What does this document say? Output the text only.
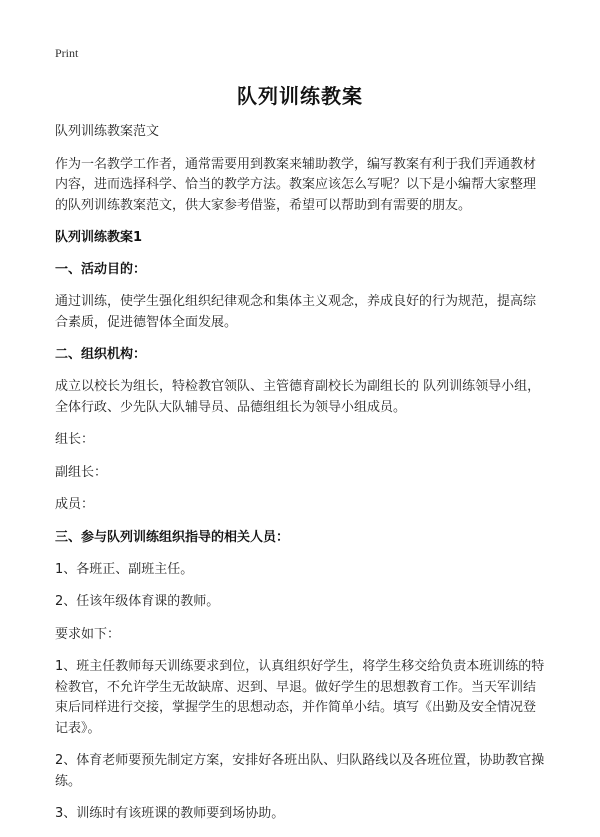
Print
队列训练教案
队列训练教案范文
作为一名教学工作者，通常需要用到教案来辅助教学，编写教案有利于我们弄通教材内容，进而选择科学、恰当的教学方法。教案应该怎么写呢？以下是小编帮大家整理的队列训练教案范文，供大家参考借鉴，希望可以帮助到有需要的朋友。
队列训练教案1
一、活动目的：
通过训练，使学生强化组织纪律观念和集体主义观念，养成良好的行为规范，提高综合素质，促进德智体全面发展。
二、组织机构：
成立以校长为组长，特检教官领队、主管德育副校长为副组长的 队列训练领导小组，全体行政、少先队大队辅导员、品德组组长为领导小组成员。
组长：
副组长：
成员：
三、参与队列训练组织指导的相关人员：
1、各班正、副班主任。
2、任该年级体育课的教师。
要求如下：
1、班主任教师每天训练要求到位，认真组织好学生，将学生移交给负责本班训练的特检教官，不允许学生无故缺席、迟到、早退。做好学生的思想教育工作。当天军训结束后同样进行交接，掌握学生的思想动态，并作简单小结。填写《出勤及安全情况登记表》。
2、体育老师要预先制定方案，安排好各班出队、归队路线以及各班位置，协助教官操练。
3、训练时有该班课的教师要到场协助。
